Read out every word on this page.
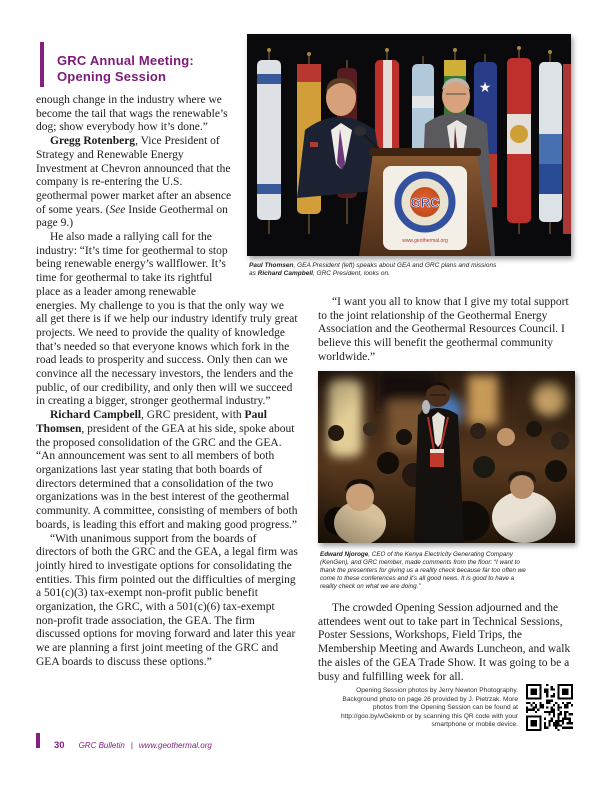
GRC Annual Meeting:
Opening Session
★
GRC
www.geothermal.org
Paul Thomsen, GEA President (left) speaks about GEA and GRC plans and missions as Richard Campbell, GRC President, looks on.

enough change in the industry where we become the tail that wags the renewable’s dog; show everybody how it’s done.”

Gregg Rotenberg, Vice President of Strategy and Renewable Energy Investment at Chevron announced that the company is re-entering the U.S. geothermal power market after an absence of some years. (See Inside Geothermal on page 9.)

He also made a rallying call for the industry: “It’s time for geothermal to stop being renewable energy’s wallflower. It’s time for geothermal to take its rightful place as a leader among renewable energies. My challenge to you is that the only way we all get there is if we help our industry identify truly great projects. We need to provide the quality of knowledge that’s needed so that everyone knows which fork in the road leads to prosperity and success. Only then can we convince all the necessary investors, the lenders and the public, of our credibility, and only then will we succeed in creating a bigger, stronger geothermal industry.”

Richard Campbell, GRC president, with Paul Thomsen, president of the GEA at his side, spoke about the proposed consolidation of the GRC and the GEA. “An announcement was sent to all members of both organizations last year stating that both boards of directors determined that a consolidation of the two organizations was in the best interest of the geothermal community. A committee, consisting of members of both boards, is leading this effort and making good progress.”

“With unanimous support from the boards of directors of both the GRC and the GEA, a legal firm was jointly hired to investigate options for consolidating the entities. This firm pointed out the difficulties of merging a 501(c)(3) tax-exempt non-profit public benefit organization, the GRC, with a 501(c)(6) tax-exempt non-profit trade association, the GEA. The firm discussed options for moving forward and later this year we are planning a first joint meeting of the GRC and GEA boards to discuss these options.”

“I want you all to know that I give my total support to the joint relationship of the Geothermal Energy Association and the Geothermal Resources Council. I believe this will benefit the geothermal community worldwide.”

Edward Njoroge, CEO of the Kenya Electricity Generating Company (KenGen), and GRC member, made comments from the floor: “I want to thank the presenters for giving us a reality check because far too often we come to these conferences and it’s all good news. It is good to have a reality check on what we are doing.”

The crowded Opening Session adjourned and the attendees went out to take part in Technical Sessions, Poster Sessions, Workshops, Field Trips, the Membership Meeting and Awards Luncheon, and walk the aisles of the GEA Trade Show. It was going to be a busy and fulfilling week for all.

Opening Session photos by Jerry Newton Photography. Background photo on page 26 provided by J. Pietrzak. More photos from the Opening Session can be found at http://goo.by/wGekmb or by scanning this QR code with your smartphone or mobile device.
30 GRC Bulletin | www.geothermal.org
